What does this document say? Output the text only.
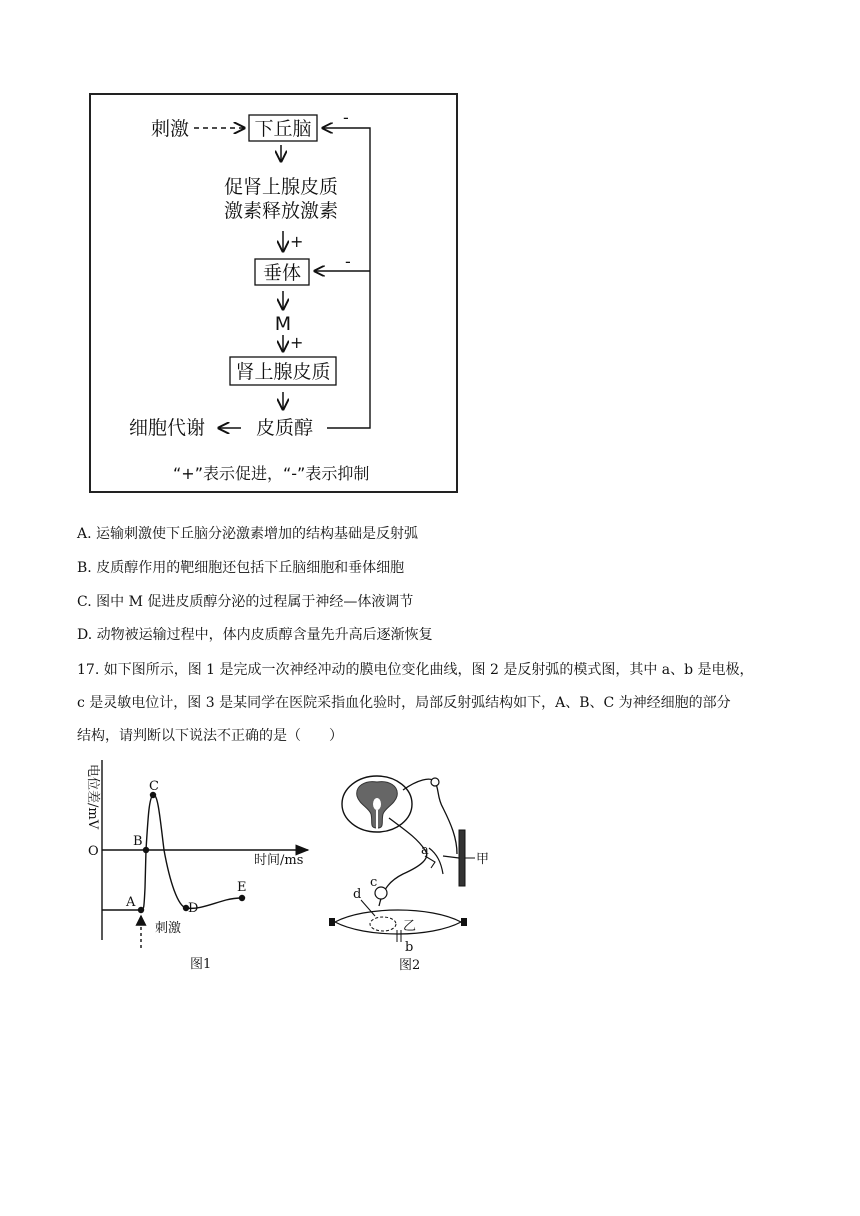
刺激	下丘脑
促肾上腺皮质
激素释放激素
+
垂体
M
+
肾上腺皮质
细胞代谢	皮质醇
-
-
“+”表示促进，“-”表示抑制
A. 运输刺激使下丘脑分泌激素增加的结构基础是反射弧
B. 皮质醇作用的靶细胞还包括下丘脑细胞和垂体细胞
C. 图中 M 促进皮质醇分泌的过程属于神经—体液调节
D. 动物被运输过程中，体内皮质醇含量先升高后逐渐恢复
17. 如下图所示，图 1 是完成一次神经冲动的膜电位变化曲线，图 2 是反射弧的模式图，其中 a、b 是电极，
c 是灵敏电位计，图 3 是某同学在医院采指血化验时，局部反射弧结构如下，A、B、C 为神经细胞的部分
结构，请判断以下说法不正确的是（　　）
电位差/mV
O
时间/ms
A
B
C
D
E
刺激
图1
甲
a
c
d
乙
b
图2
